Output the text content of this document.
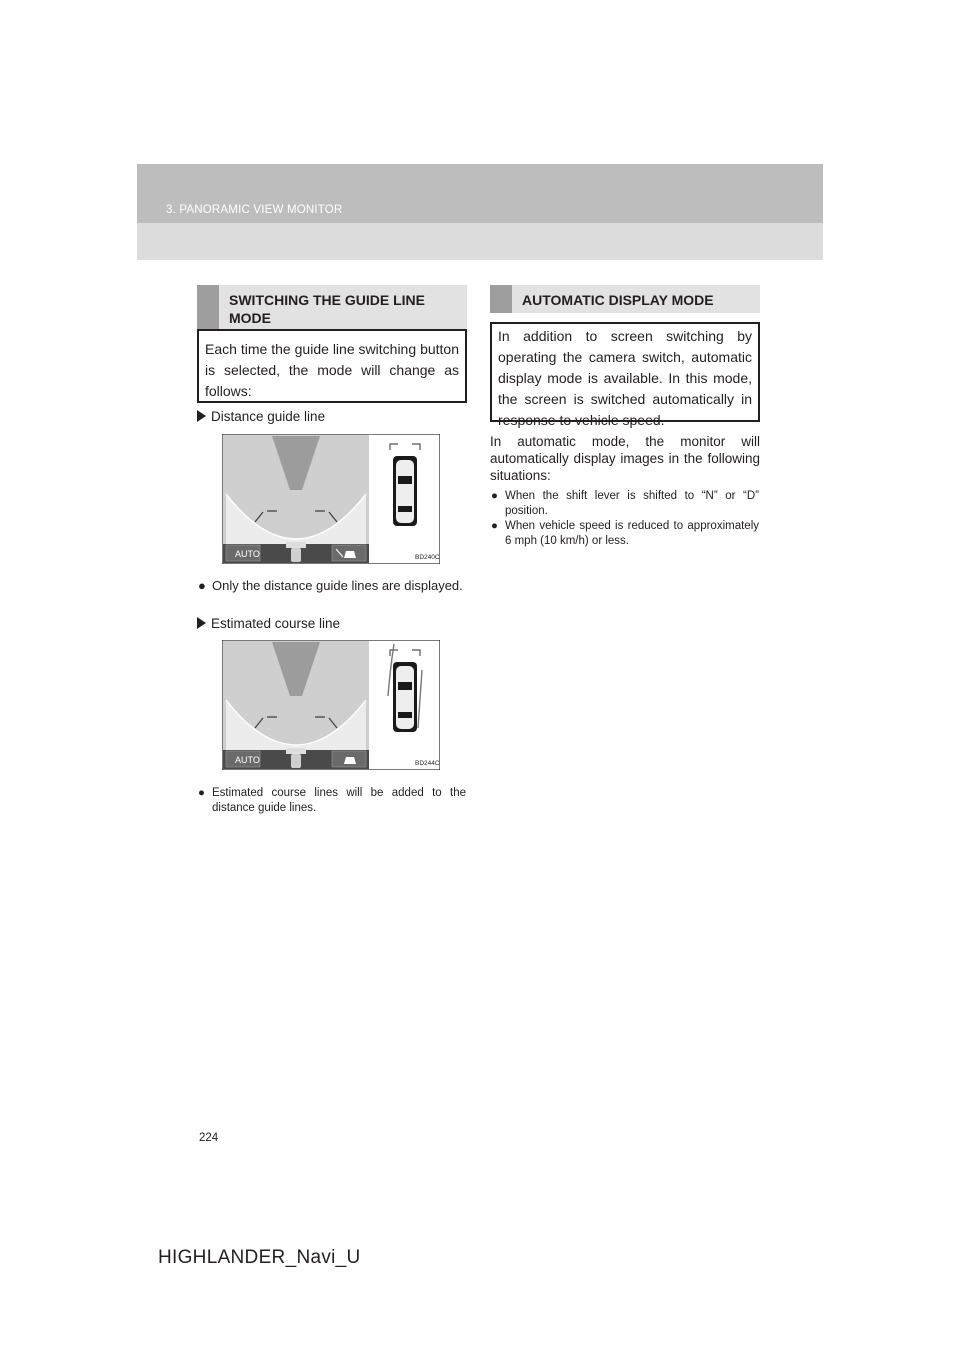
3. PANORAMIC VIEW MONITOR
SWITCHING THE GUIDE LINE MODE
Each time the guide line switching button is selected, the mode will change as follows:
Distance guide line
AUTO	BD240C
● Only the distance guide lines are displayed.
Estimated course line
AUTO	BD244C
● Estimated course lines will be added to the distance guide lines.
AUTOMATIC DISPLAY MODE
In addition to screen switching by operating the camera switch, automatic display mode is available. In this mode, the screen is switched automatically in response to vehicle speed.
In automatic mode, the monitor will automatically display images in the following situations:
● When the shift lever is shifted to “N” or “D” position.
● When vehicle speed is reduced to approximately 6 mph (10 km/h) or less.
224
HIGHLANDER_Navi_U
